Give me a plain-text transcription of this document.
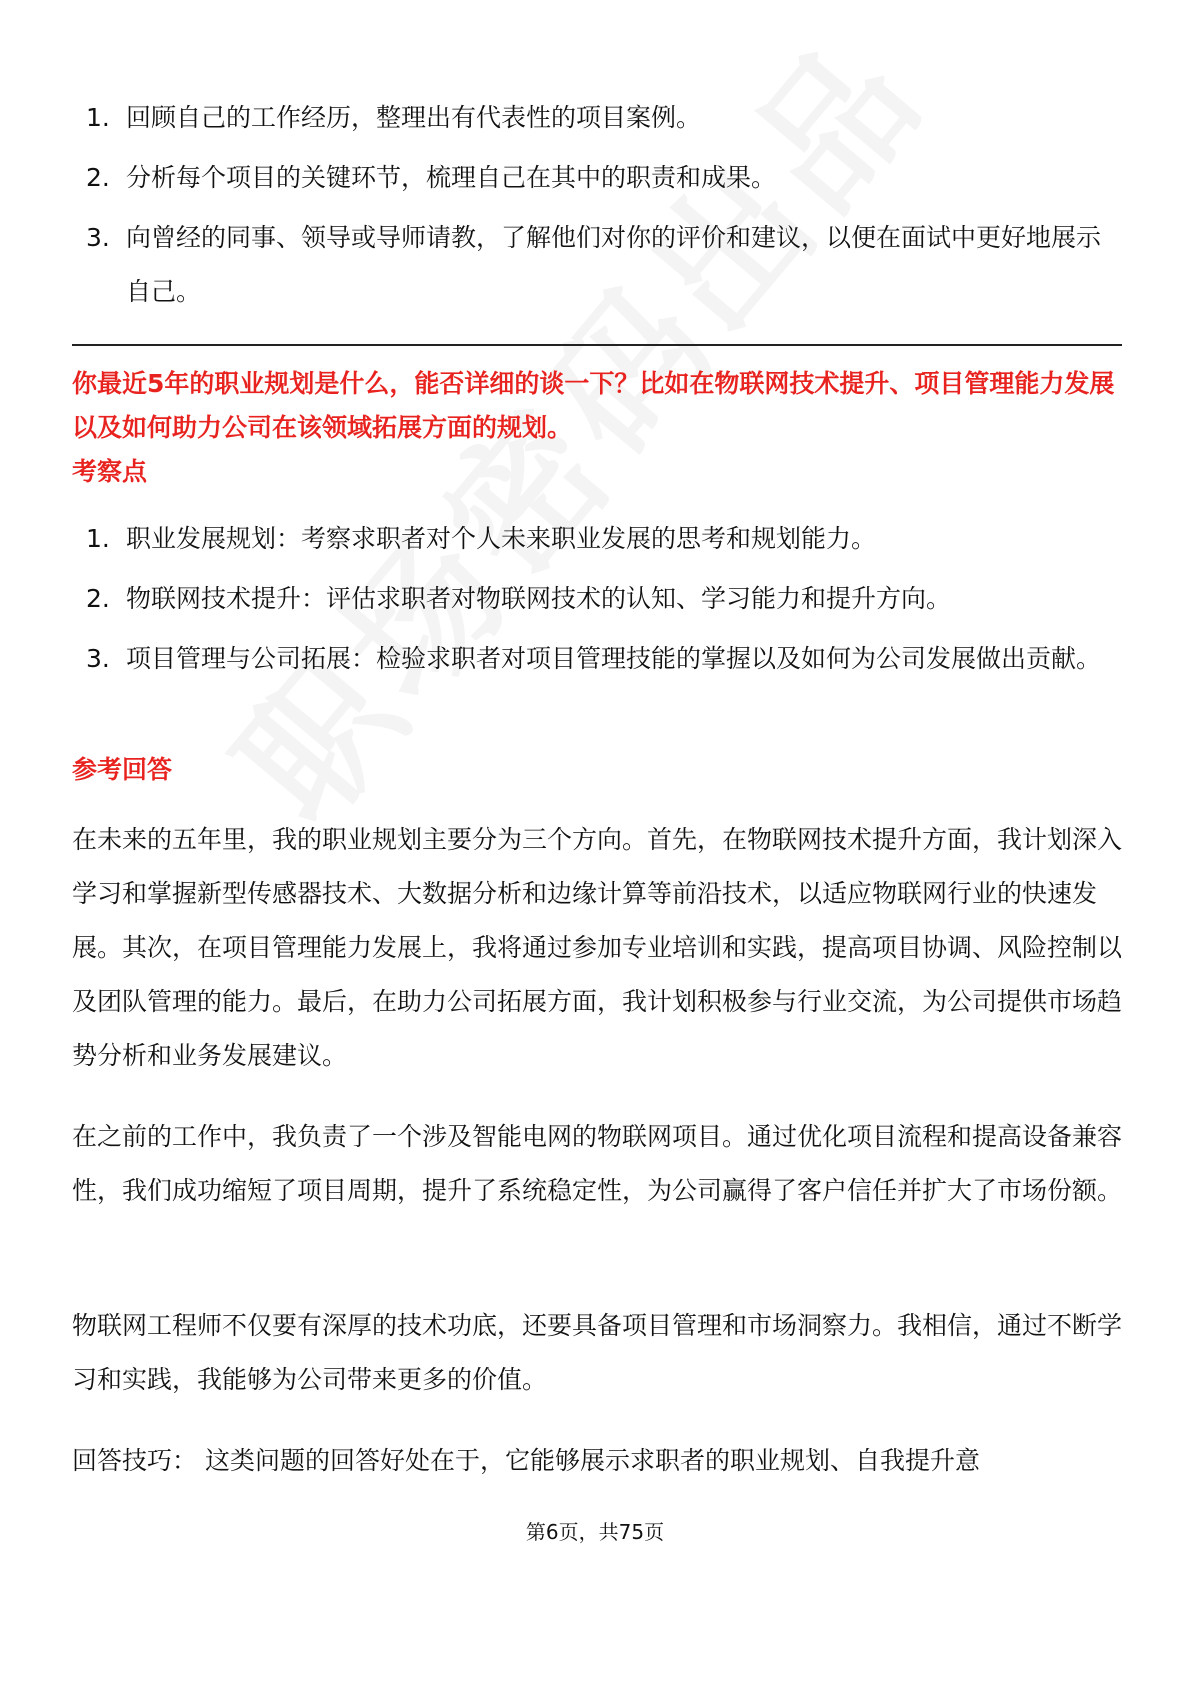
1. 回顾自己的工作经历，整理出有代表性的项目案例。
2. 分析每个项目的关键环节，梳理自己在其中的职责和成果。
3. 向曾经的同事、领导或导师请教，了解他们对你的评价和建议，以便在面试中更好地展示自己。
你最近5年的职业规划是什么，能否详细的谈一下？比如在物联网技术提升、项目管理能力发展以及如何助力公司在该领域拓展方面的规划。
考察点
1. 职业发展规划：考察求职者对个人未来职业发展的思考和规划能力。
2. 物联网技术提升：评估求职者对物联网技术的认知、学习能力和提升方向。
3. 项目管理与公司拓展：检验求职者对项目管理技能的掌握以及如何为公司发展做出贡献。
参考回答

在未来的五年里，我的职业规划主要分为三个方向。首先，在物联网技术提升方面，我计划深入学习和掌握新型传感器技术、大数据分析和边缘计算等前沿技术，以适应物联网行业的快速发展。其次，在项目管理能力发展上，我将通过参加专业培训和实践，提高项目协调、风险控制以及团队管理的能力。最后，在助力公司拓展方面，我计划积极参与行业交流，为公司提供市场趋势分析和业务发展建议。

在之前的工作中，我负责了一个涉及智能电网的物联网项目。通过优化项目流程和提高设备兼容性，我们成功缩短了项目周期，提升了系统稳定性，为公司赢得了客户信任并扩大了市场份额。

物联网工程师不仅要有深厚的技术功底，还要具备项目管理和市场洞察力。我相信，通过不断学习和实践，我能够为公司带来更多的价值。

回答技巧： 这类问题的回答好处在于，它能够展示求职者的职业规划、自我提升意

第6页，共75页
